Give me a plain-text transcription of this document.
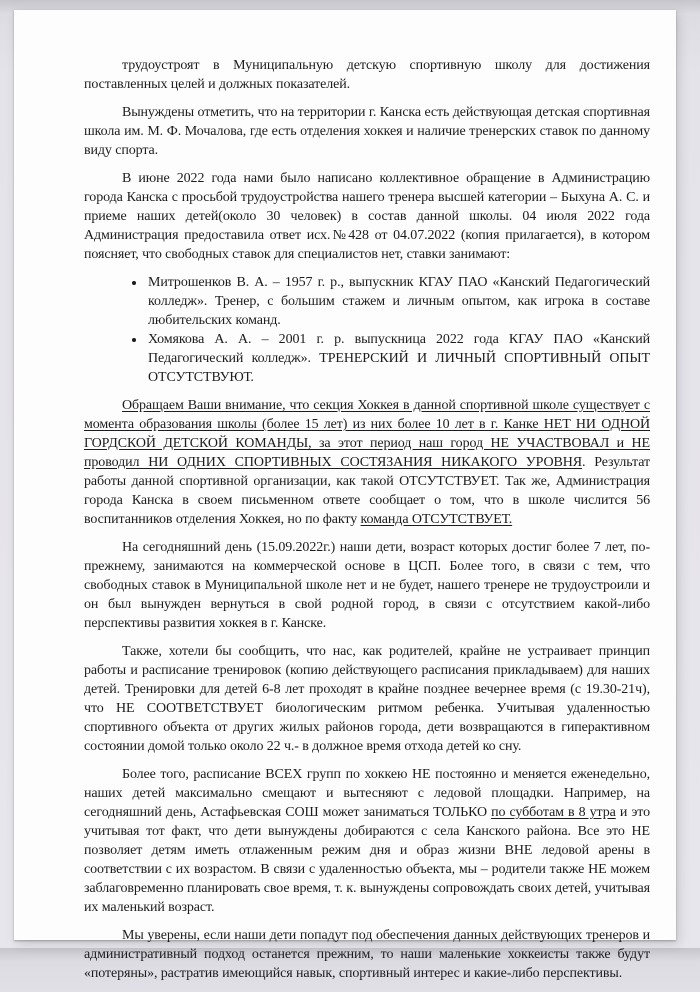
трудоустроят в Муниципальную детскую спортивную школу для достижения поставленных целей и должных показателей.

Вынуждены отметить, что на территории г. Канска есть действующая детская спортивная школа им. М. Ф. Мочалова, где есть отделения хоккея и наличие тренерских ставок по данному виду спорта.

В июне 2022 года нами было написано коллективное обращение в Администрацию города Канска с просьбой трудоустройства нашего тренера высшей категории – Быхуна А. С. и приеме наших детей(около 30 человек) в состав данной школы. 04 июля 2022 года Администрация предоставила ответ исх.№428 от 04.07.2022 (копия прилагается), в котором поясняет, что свободных ставок для специалистов нет, ставки занимают:

• Митрошенков В. А. – 1957 г. р., выпускник КГАУ ПАО «Канский Педагогический колледж». Тренер, с большим стажем и личным опытом, как игрока в составе любительских команд.
• Хомякова А. А. – 2001 г. р. выпускница 2022 года КГАУ ПАО «Канский Педагогический колледж». ТРЕНЕРСКИЙ И ЛИЧНЫЙ СПОРТИВНЫЙ ОПЫТ ОТСУТСТВУЮТ.

Обращаем Ваши внимание, что секция Хоккея в данной спортивной школе существует с момента образования школы (более 15 лет) из них более 10 лет в г. Канке НЕТ НИ ОДНОЙ ГОРДСКОЙ ДЕТСКОЙ КОМАНДЫ, за этот период наш город НЕ УЧАСТВОВАЛ и НЕ проводил НИ ОДНИХ СПОРТИВНЫХ СОСТЯЗАНИЯ НИКАКОГО УРОВНЯ. Результат работы данной спортивной организации, как такой ОТСУТСТВУЕТ. Так же, Администрация города Канска в своем письменном ответе сообщает о том, что в школе числится 56 воспитанников отделения Хоккея, но по факту команда ОТСУТСТВУЕТ.

На сегодняшний день (15.09.2022г.) наши дети, возраст которых достиг более 7 лет, по-прежнему, занимаются на коммерческой основе в ЦСП. Более того, в связи с тем, что свободных ставок в Муниципальной школе нет и не будет, нашего тренере не трудоустроили и он был вынужден вернуться в свой родной город, в связи с отсутствием какой-либо перспективы развития хоккея в г. Канске.

Также, хотели бы сообщить, что нас, как родителей, крайне не устраивает принцип работы и расписание тренировок (копию действующего расписания прикладываем) для наших детей. Тренировки для детей 6-8 лет проходят в крайне позднее вечернее время (с 19.30-21ч), что НЕ СООТВЕТСТВУЕТ биологическим ритмом ребенка. Учитывая удаленностью спортивного объекта от других жилых районов города, дети возвращаются в гиперактивном состоянии домой только около 22 ч.- в должное время отхода детей ко сну.

Более того, расписание ВСЕХ групп по хоккею НЕ постоянно и меняется еженедельно, наших детей максимально смещают и вытесняют с ледовой площадки. Например, на сегодняшний день, Астафьевская СОШ может заниматься ТОЛЬКО по субботам в 8 утра и это учитывая тот факт, что дети вынуждены добираются с села Канского района. Все это НЕ позволяет детям иметь отлаженным режим дня и образ жизни ВНЕ ледовой арены в соответствии с их возрастом. В связи с удаленностью объекта, мы – родители также НЕ можем заблаговременно планировать свое время, т. к. вынуждены сопровождать своих детей, учитывая их маленький возраст.

Мы уверены, если наши дети попадут под обеспечения данных действующих тренеров и административный подход останется прежним, то наши маленькие хоккеисты также будут «потеряны», растратив имеющийся навык, спортивный интерес и какие-либо перспективы.
